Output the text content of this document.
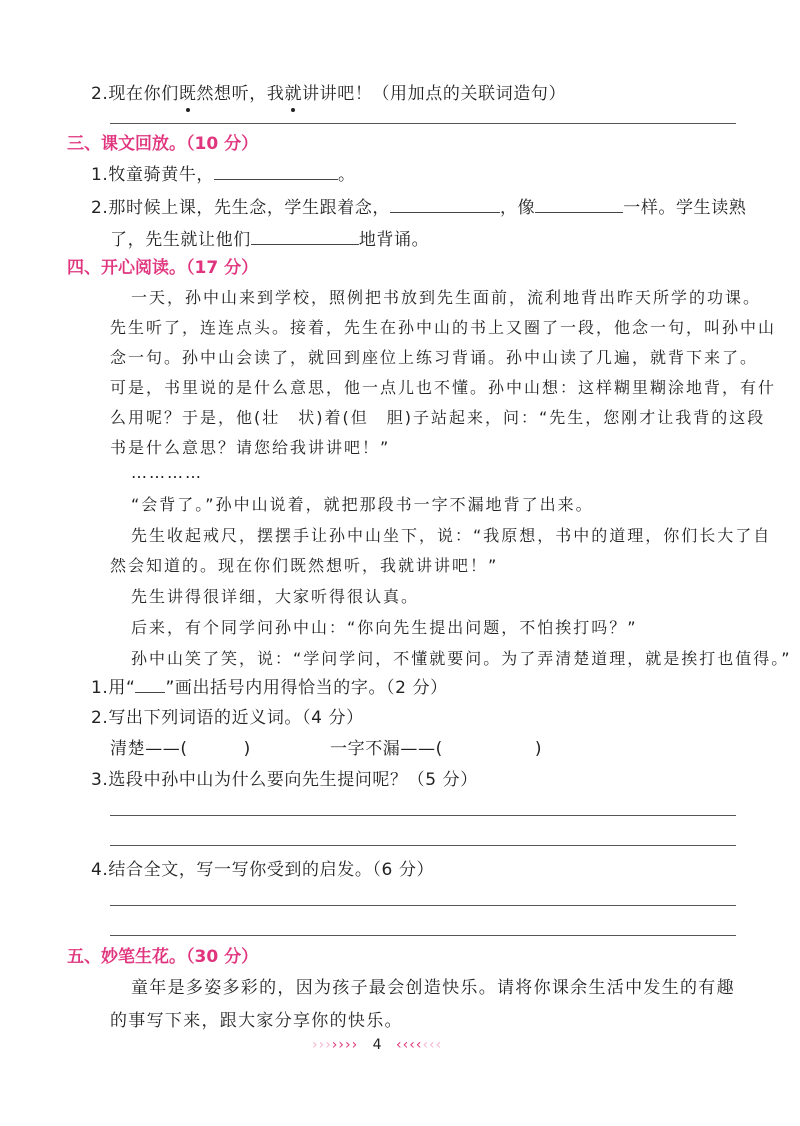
2.现在你们既然想听，我就讲讲吧！（用加点的关联词造句）
三、课文回放。（10 分）
1.牧童骑黄牛，	。
2.那时候上课，先生念，学生跟着念，	，像	一样。学生读熟
了，先生就让他们	地背诵。
四、开心阅读。（17 分）
一天，孙中山来到学校，照例把书放到先生面前，流利地背出昨天所学的功课。
先生听了，连连点头。接着，先生在孙中山的书上又圈了一段，他念一句，叫孙中山
念一句。孙中山会读了，就回到座位上练习背诵。孙中山读了几遍，就背下来了。
可是，书里说的是什么意思，他一点儿也不懂。孙中山想：这样糊里糊涂地背，有什
么用呢？于是，他(壮　状)着(但　胆)子站起来，问：“先生，您刚才让我背的这段
书是什么意思？请您给我讲讲吧！”
…………
“会背了。”孙中山说着，就把那段书一字不漏地背了出来。
先生收起戒尺，摆摆手让孙中山坐下，说：“我原想，书中的道理，你们长大了自
然会知道的。现在你们既然想听，我就讲讲吧！”
先生讲得很详细，大家听得很认真。
后来，有个同学问孙中山：“你向先生提出问题，不怕挨打吗？”
孙中山笑了笑，说：“学问学问，不懂就要问。为了弄清楚道理，就是挨打也值得。”
1.用“ ”画出括号内用得恰当的字。（2 分）
2.写出下列词语的近义词。（4 分）
清楚——(	)	一字不漏——(	)
3.选段中孙中山为什么要向先生提问呢？（5 分）
4.结合全文，写一写你受到的启发。（6 分）
五、妙笔生花。（30 分）
童年是多姿多彩的，因为孩子最会创造快乐。请将你课余生活中发生的有趣
的事写下来，跟大家分享你的快乐。
››››››› 4 ‹‹‹‹‹‹‹
